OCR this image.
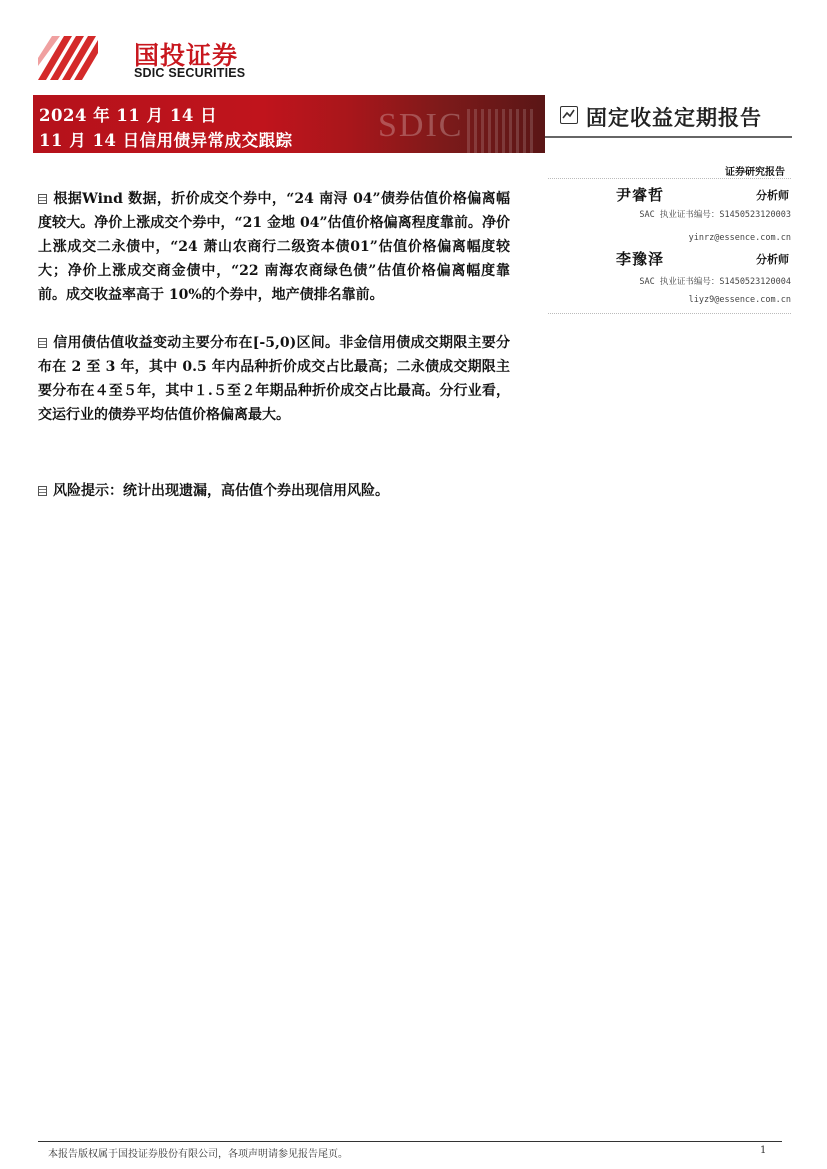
国投证券
SDIC SECURITIES
2024 年 11 月 14 日
11 月 14 日信用债异常成交跟踪	SDIC	固定收益定期报告
证券研究报告
尹睿哲	分析师
SAC 执业证书编号：S1450523120003
yinrz@essence.com.cn
李豫泽	分析师
SAC 执业证书编号：S1450523120004
liyz9@essence.com.cn
根据Wind 数据，折价成交个券中，“24 南浔 04”债券估值价格偏离幅度较大。净价上涨成交个券中，“21 金地 04”估值价格偏离程度靠前。净价上涨成交二永债中，“24 萧山农商行二级资本债01”估值价格偏离幅度较大；净价上涨成交商金债中，“22 南海农商绿色债”估值价格偏离幅度靠前。成交收益率高于 10%的个券中，地产债排名靠前。
信用债估值收益变动主要分布在[-5,0)区间。非金信用债成交期限主要分布在 2 至 3 年，其中 0.5 年内品种折价成交占比最高；二永债成交期限主要分布在４至５年，其中１.５至２年期品种折价成交占比最高。分行业看，交运行业的债券平均估值价格偏离最大。
风险提示：统计出现遗漏，高估值个券出现信用风险。
本报告版权属于国投证券股份有限公司，各项声明请参见报告尾页。	1
